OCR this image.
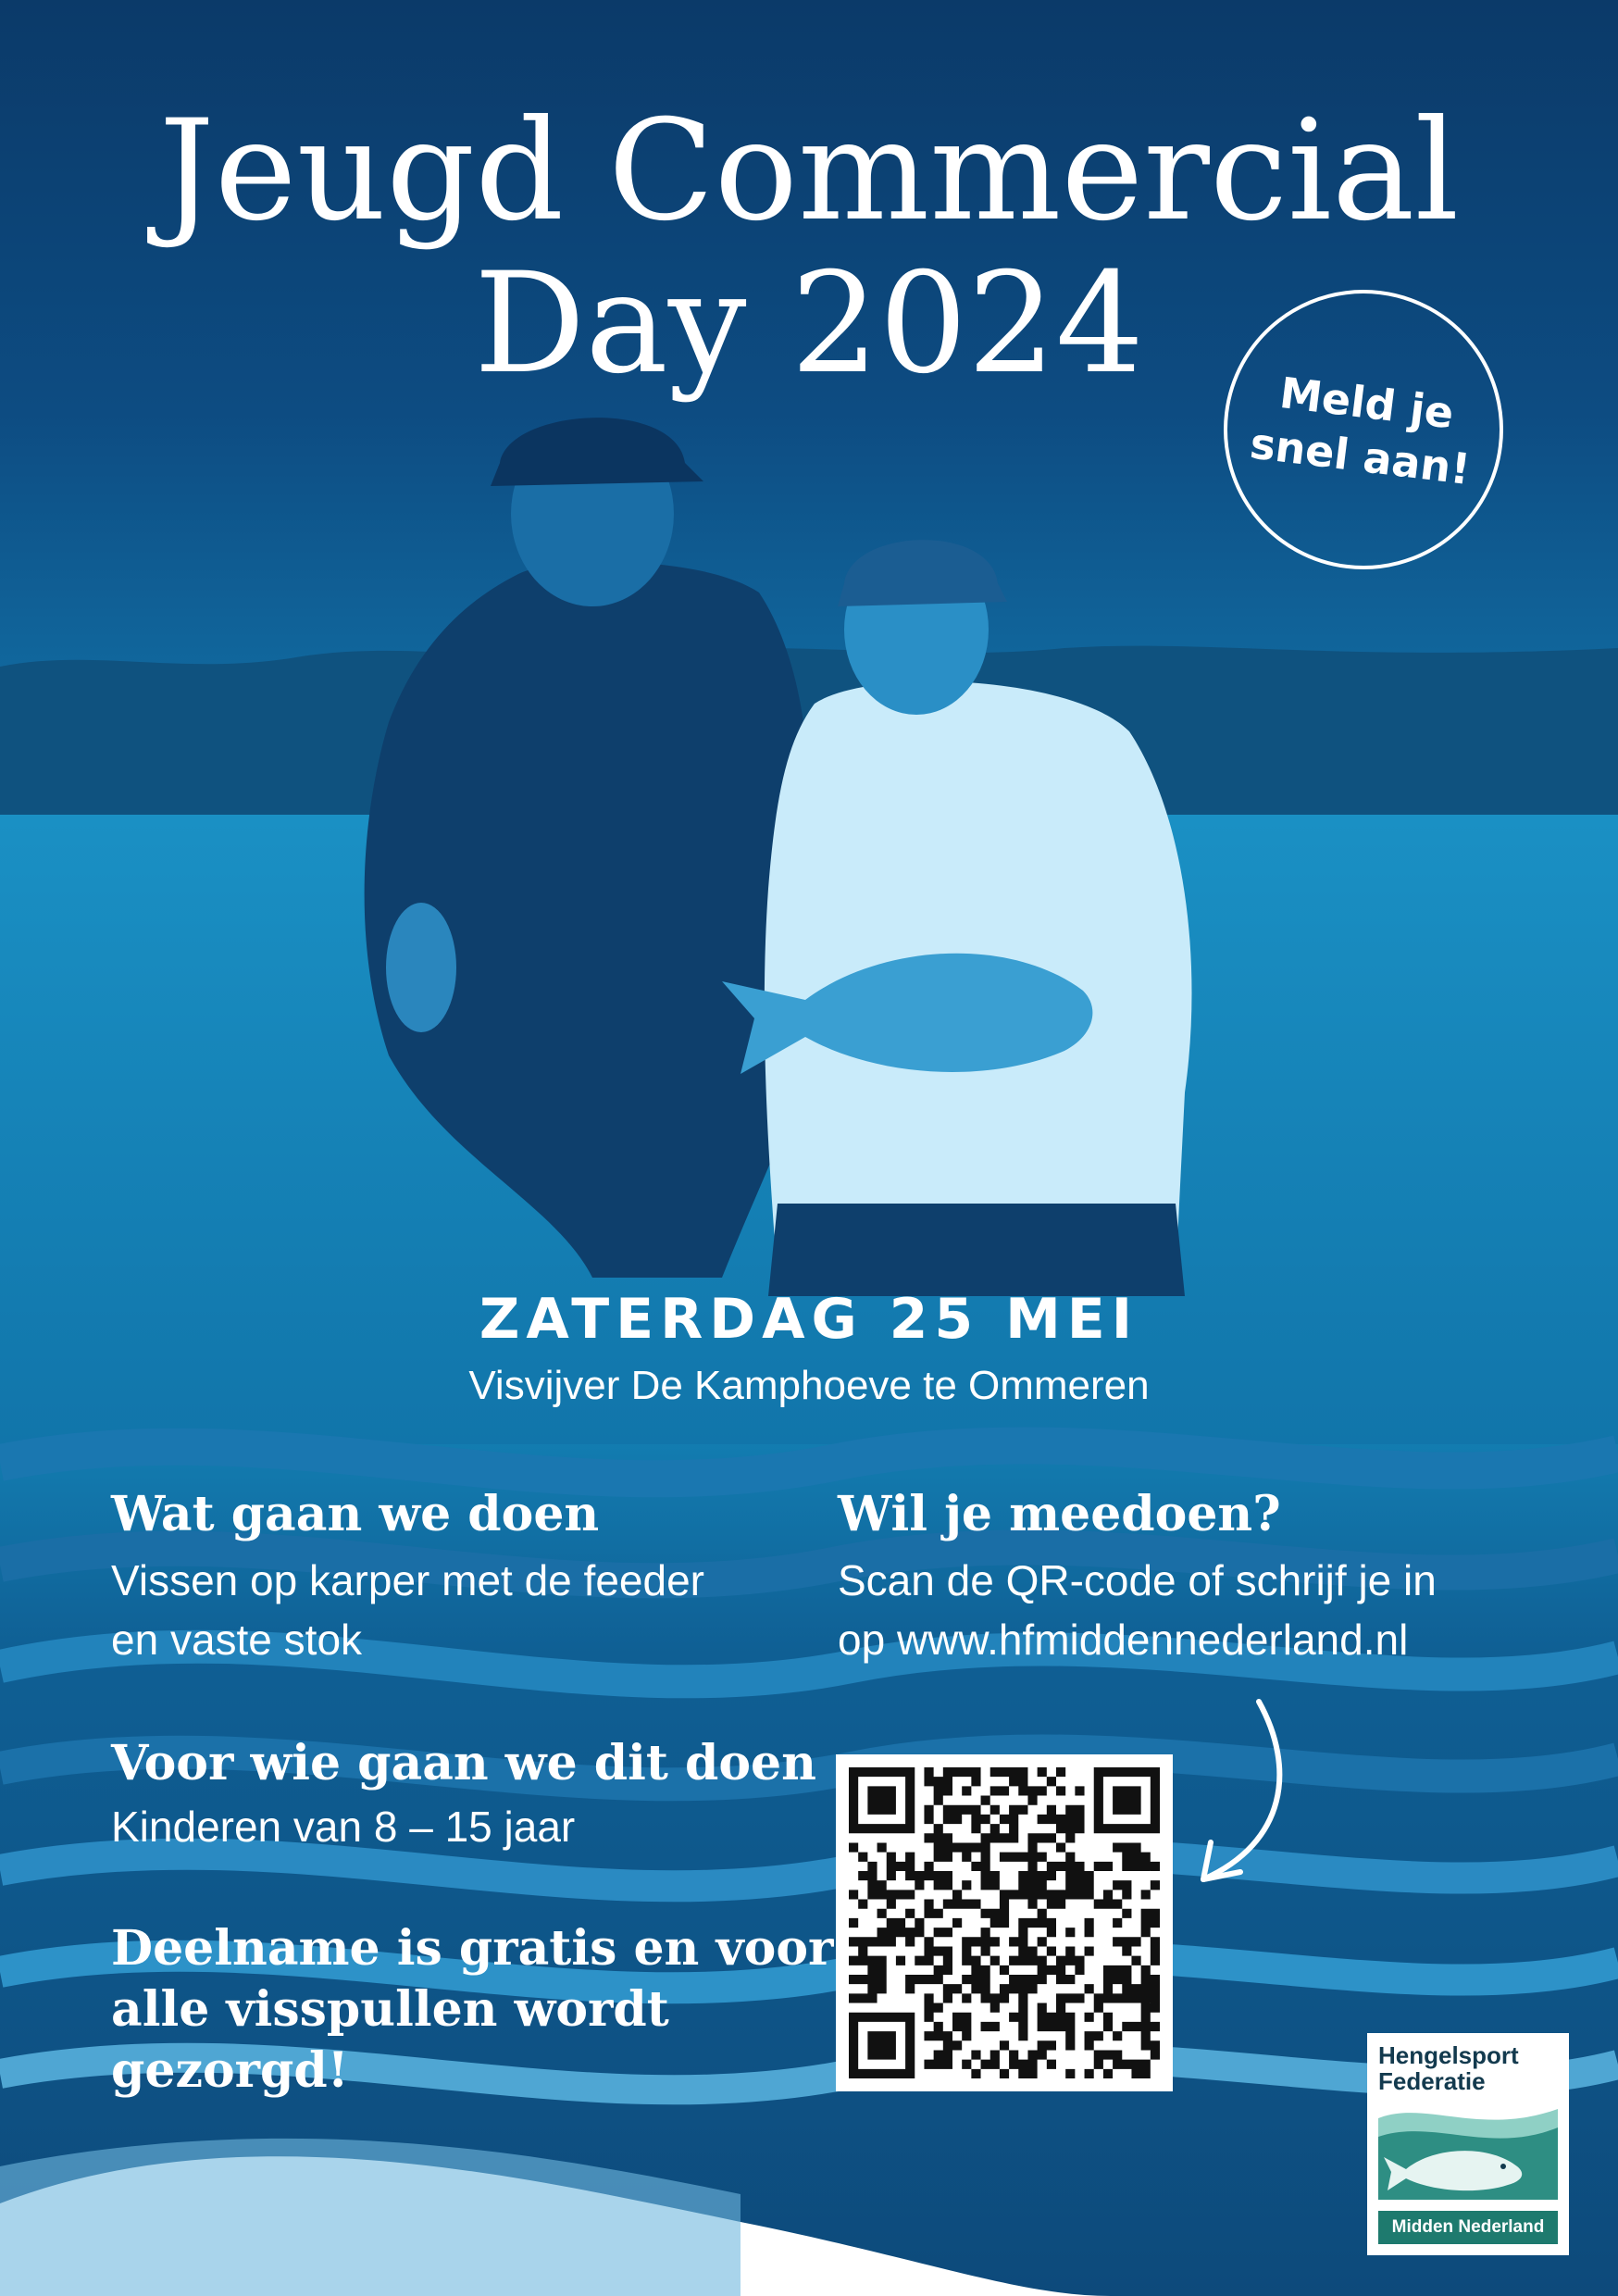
Jeugd Commercial
Day 2024	Meld je
snel aan!
ZATERDAG 25 MEI
Visvijver De Kamphoeve te Ommeren
Wat gaan we doen
Vissen op karper met de feeder
en vaste stok
Voor wie gaan we dit doen
Kinderen van 8 – 15 jaar
Deelname is gratis en voor
alle visspullen wordt
gezorgd!
Wil je meedoen?
Scan de QR-code of schrijf je in
op www.hfmiddennederland.nl
Hengelsport
Federatie
Midden Nederland
